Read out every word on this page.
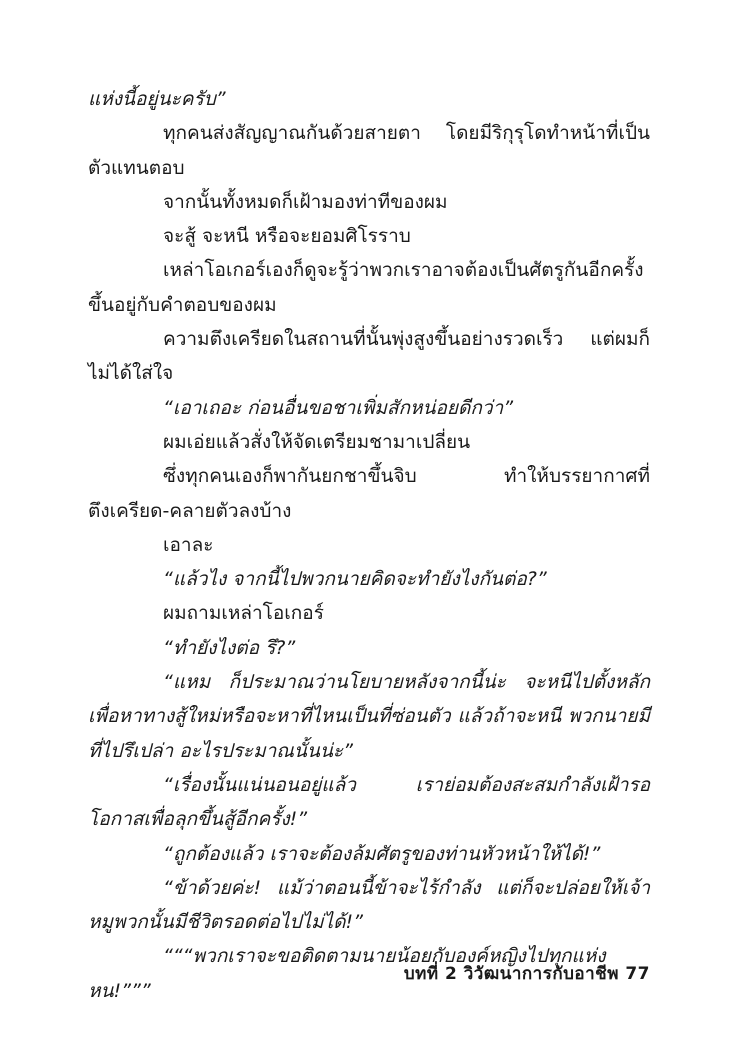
แห่งนี้อยู่นะครับ”

ทุกคนส่งสัญญาณกันด้วยสายตา โดยมีริกุรุโดทำหน้าที่เป็นตัวแทนตอบ

จากนั้นทั้งหมดก็เฝ้ามองท่าทีของผม

จะสู้ จะหนี หรือจะยอมศิโรราบ

เหล่าโอเกอร์เองก็ดูจะรู้ว่าพวกเราอาจต้องเป็นศัตรูกันอีกครั้งขึ้นอยู่กับคำตอบของผม

ความตึงเครียดในสถานที่นั้นพุ่งสูงขึ้นอย่างรวดเร็ว แต่ผมก็ไม่ได้ใส่ใจ

“เอาเถอะ ก่อนอื่นขอชาเพิ่มสักหน่อยดีกว่า”

ผมเอ่ยแล้วสั่งให้จัดเตรียมชามาเปลี่ยน

ซึ่งทุกคนเองก็พากันยกชาขึ้นจิบ ทำให้บรรยากาศที่ตึงเครียด-คลายตัวลงบ้าง

เอาละ

“แล้วไง จากนี้ไปพวกนายคิดจะทำยังไงกันต่อ?”

ผมถามเหล่าโอเกอร์

“ทำยังไงต่อ รึ?”

“แหม ก็ประมาณว่านโยบายหลังจากนี้น่ะ จะหนีไปตั้งหลักเพื่อหาทางสู้ใหม่หรือจะหาที่ไหนเป็นที่ซ่อนตัว แล้วถ้าจะหนี พวกนายมีที่ไปรึเปล่า อะไรประมาณนั้นน่ะ”

“เรื่องนั้นแน่นอนอยู่แล้ว เราย่อมต้องสะสมกำลังเฝ้ารอโอกาสเพื่อลุกขึ้นสู้อีกครั้ง!”

“ถูกต้องแล้ว เราจะต้องล้มศัตรูของท่านหัวหน้าให้ได้!”

“ข้าด้วยค่ะ! แม้ว่าตอนนี้ข้าจะไร้กำลัง แต่ก็จะปล่อยให้เจ้าหมูพวกนั้นมีชีวิตรอดต่อไปไม่ได้!”

“““พวกเราจะขอติดตามนายน้อยกับองค์หญิงไปทุกแห่งหน!”””

บทที่ 2 วิวัฒนาการกับอาชีพ 77
